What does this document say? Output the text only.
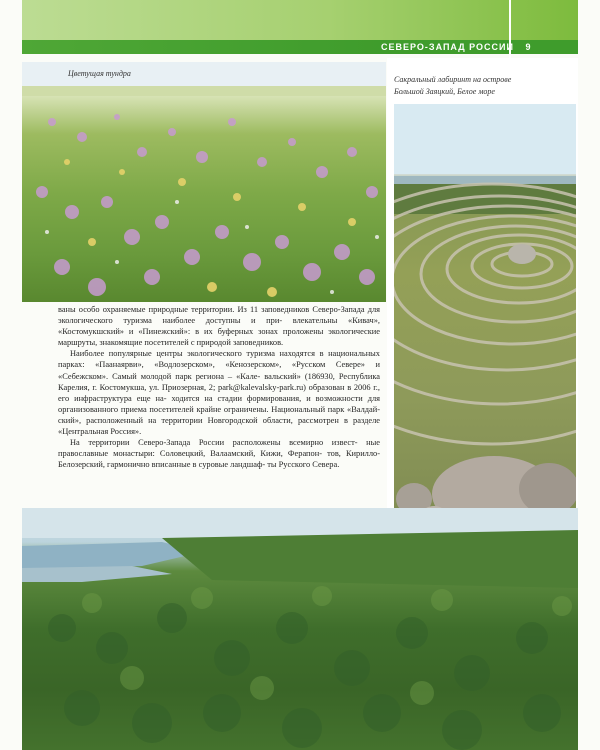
СЕВЕРО-ЗАПАД РОССИИ	9
Цветущая тундра
Сакральный лабиринт на острове
Большой Заяцкий, Белое море

ваны особо охраняемые природные территории. Из 11 заповедников Северо-Запада для экологического туризма наиболее доступны и при- влекательны «Кивач», «Костомукшский» и «Пинежский»: в их буферных зонах проложены экологические маршруты, знакомящие посетителей с природой заповедников.

Наиболее популярные центры экологического туризма находятся в национальных парках: «Паанаярви», «Водлозерском», «Кенозерском», «Русском Севере» и «Себежском». Самый молодой парк региона – «Кале- вальский» (186930, Республика Карелия, г. Костомукша, ул. Приозерная, 2; park@kalevalsky-park.ru) образован в 2006 г., его инфраструктура еще на- ходится на стадии формирования, и возможности для организованного приема посетителей крайне ограничены. Национальный парк «Валдай- ский», расположенный на территории Новгородской области, рассмотрен в разделе «Центральная Россия».

На территории Северо-Запада России расположены всемирно извест- ные православные монастыри: Соловецкий, Валаамский, Кижи, Ферапон- тов, Кирилло-Белозерский, гармонично вписанные в суровые ландшаф- ты Русского Севера.
